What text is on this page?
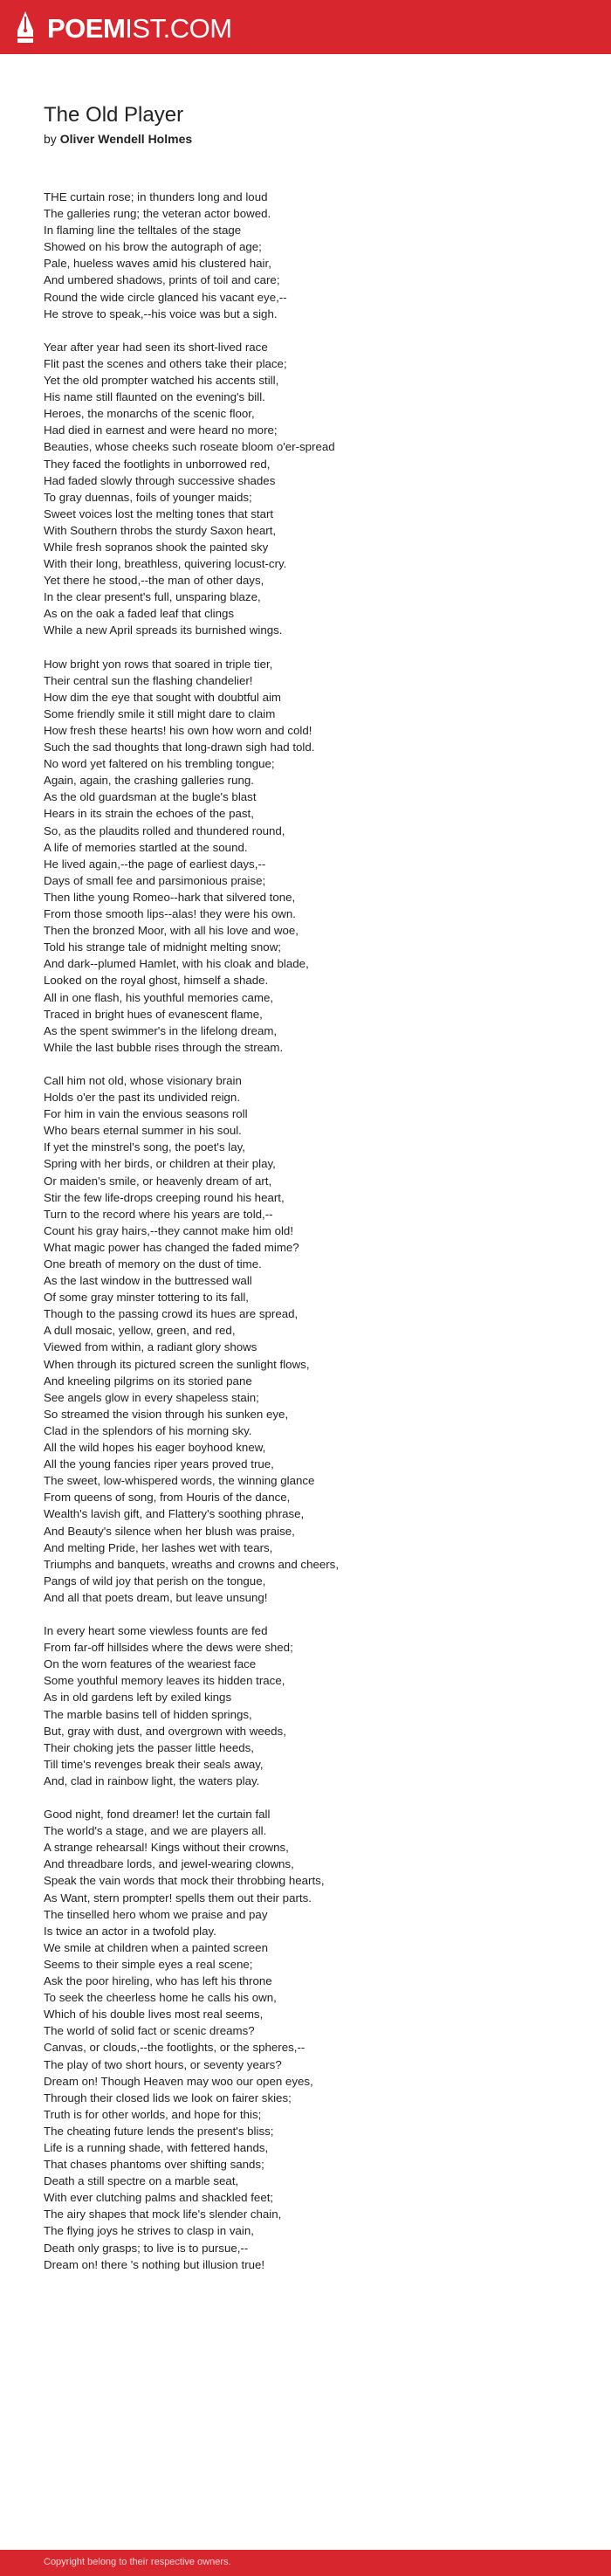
POEMIST.COM
The Old Player
by Oliver Wendell Holmes

THE curtain rose; in thunders long and loud
The galleries rung; the veteran actor bowed.
In flaming line the telltales of the stage
Showed on his brow the autograph of age;
Pale, hueless waves amid his clustered hair,
And umbered shadows, prints of toil and care;
Round the wide circle glanced his vacant eye,--
He strove to speak,--his voice was but a sigh.

Year after year had seen its short-lived race
Flit past the scenes and others take their place;
Yet the old prompter watched his accents still,
His name still flaunted on the evening's bill.
Heroes, the monarchs of the scenic floor,
Had died in earnest and were heard no more;
Beauties, whose cheeks such roseate bloom o'er-spread
They faced the footlights in unborrowed red,
Had faded slowly through successive shades
To gray duennas, foils of younger maids;
Sweet voices lost the melting tones that start
With Southern throbs the sturdy Saxon heart,
While fresh sopranos shook the painted sky
With their long, breathless, quivering locust-cry.
Yet there he stood,--the man of other days,
In the clear present's full, unsparing blaze,
As on the oak a faded leaf that clings
While a new April spreads its burnished wings.

How bright yon rows that soared in triple tier,
Their central sun the flashing chandelier!
How dim the eye that sought with doubtful aim
Some friendly smile it still might dare to claim
How fresh these hearts! his own how worn and cold!
Such the sad thoughts that long-drawn sigh had told.
No word yet faltered on his trembling tongue;
Again, again, the crashing galleries rung.
As the old guardsman at the bugle's blast
Hears in its strain the echoes of the past,
So, as the plaudits rolled and thundered round,
A life of memories startled at the sound.
He lived again,--the page of earliest days,--
Days of small fee and parsimonious praise;
Then lithe young Romeo--hark that silvered tone,
From those smooth lips--alas! they were his own.
Then the bronzed Moor, with all his love and woe,
Told his strange tale of midnight melting snow;
And dark--plumed Hamlet, with his cloak and blade,
Looked on the royal ghost, himself a shade.
All in one flash, his youthful memories came,
Traced in bright hues of evanescent flame,
As the spent swimmer's in the lifelong dream,
While the last bubble rises through the stream.

Call him not old, whose visionary brain
Holds o'er the past its undivided reign.
For him in vain the envious seasons roll
Who bears eternal summer in his soul.
If yet the minstrel's song, the poet's lay,
Spring with her birds, or children at their play,
Or maiden's smile, or heavenly dream of art,
Stir the few life-drops creeping round his heart,
Turn to the record where his years are told,--
Count his gray hairs,--they cannot make him old!
What magic power has changed the faded mime?
One breath of memory on the dust of time.
As the last window in the buttressed wall
Of some gray minster tottering to its fall,
Though to the passing crowd its hues are spread,
A dull mosaic, yellow, green, and red,
Viewed from within, a radiant glory shows
When through its pictured screen the sunlight flows,
And kneeling pilgrims on its storied pane
See angels glow in every shapeless stain;
So streamed the vision through his sunken eye,
Clad in the splendors of his morning sky.
All the wild hopes his eager boyhood knew,
All the young fancies riper years proved true,
The sweet, low-whispered words, the winning glance
From queens of song, from Houris of the dance,
Wealth's lavish gift, and Flattery's soothing phrase,
And Beauty's silence when her blush was praise,
And melting Pride, her lashes wet with tears,
Triumphs and banquets, wreaths and crowns and cheers,
Pangs of wild joy that perish on the tongue,
And all that poets dream, but leave unsung!

In every heart some viewless founts are fed
From far-off hillsides where the dews were shed;
On the worn features of the weariest face
Some youthful memory leaves its hidden trace,
As in old gardens left by exiled kings
The marble basins tell of hidden springs,
But, gray with dust, and overgrown with weeds,
Their choking jets the passer little heeds,
Till time's revenges break their seals away,
And, clad in rainbow light, the waters play.

Good night, fond dreamer! let the curtain fall
The world's a stage, and we are players all.
A strange rehearsal! Kings without their crowns,
And threadbare lords, and jewel-wearing clowns,
Speak the vain words that mock their throbbing hearts,
As Want, stern prompter! spells them out their parts.
The tinselled hero whom we praise and pay
Is twice an actor in a twofold play.
We smile at children when a painted screen
Seems to their simple eyes a real scene;
Ask the poor hireling, who has left his throne
To seek the cheerless home he calls his own,
Which of his double lives most real seems,
The world of solid fact or scenic dreams?
Canvas, or clouds,--the footlights, or the spheres,--
The play of two short hours, or seventy years?
Dream on! Though Heaven may woo our open eyes,
Through their closed lids we look on fairer skies;
Truth is for other worlds, and hope for this;
The cheating future lends the present's bliss;
Life is a running shade, with fettered hands,
That chases phantoms over shifting sands;
Death a still spectre on a marble seat,
With ever clutching palms and shackled feet;
The airy shapes that mock life's slender chain,
The flying joys he strives to clasp in vain,
Death only grasps; to live is to pursue,--
Dream on! there 's nothing but illusion true!

Copyright belong to their respective owners.
